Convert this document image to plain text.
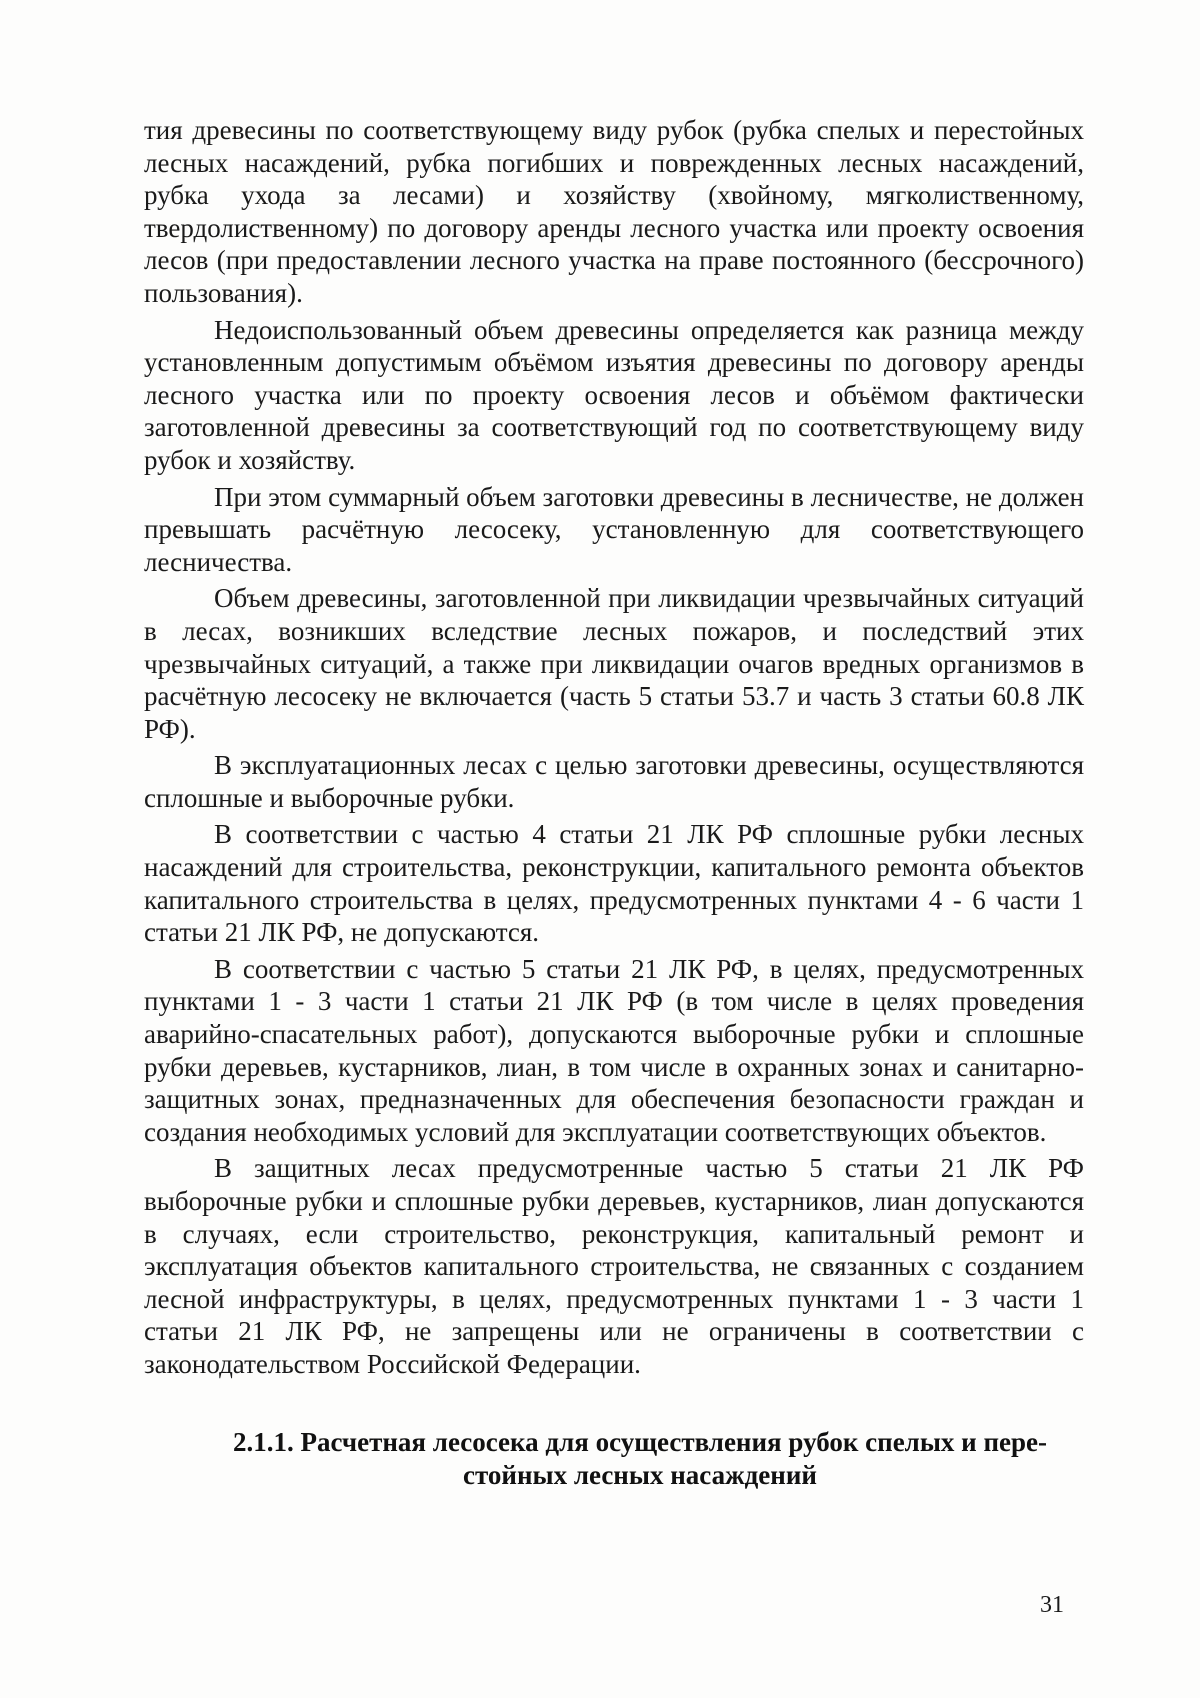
тия древесины по соответствующему виду рубок (рубка спелых и перестойных лесных насаждений, рубка погибших и поврежденных лесных насаждений, рубка ухода за лесами) и хозяйству (хвойному, мягколиственному, твердолиственному) по договору аренды лесного участка или проекту освоения лесов (при предоставлении лесного участка на праве постоянного (бессрочного) пользования).

Недоиспользованный объем древесины определяется как разница между установленным допустимым объёмом изъятия древесины по договору аренды лесного участка или по проекту освоения лесов и объёмом фактически заготовленной древесины за соответствующий год по соответствующему виду рубок и хозяйству.

При этом суммарный объем заготовки древесины в лесничестве, не должен превышать расчётную лесосеку, установленную для соответствующего лесничества.

Объем древесины, заготовленной при ликвидации чрезвычайных ситуаций в лесах, возникших вследствие лесных пожаров, и последствий этих чрезвычайных ситуаций, а также при ликвидации очагов вредных организмов в расчётную лесосеку не включается (часть 5 статьи 53.7 и часть 3 статьи 60.8 ЛК РФ).

В эксплуатационных лесах с целью заготовки древесины, осуществляются сплошные и выборочные рубки.

В соответствии с частью 4 статьи 21 ЛК РФ сплошные рубки лесных насаждений для строительства, реконструкции, капитального ремонта объектов капитального строительства в целях, предусмотренных пунктами 4 - 6 части 1 статьи 21 ЛК РФ, не допускаются.

В соответствии с частью 5 статьи 21 ЛК РФ, в целях, предусмотренных пунктами 1 - 3 части 1 статьи 21 ЛК РФ (в том числе в целях проведения аварийно-спасательных работ), допускаются выборочные рубки и сплошные рубки деревьев, кустарников, лиан, в том числе в охранных зонах и санитарно-защитных зонах, предназначенных для обеспечения безопасности граждан и создания необходимых условий для эксплуатации соответствующих объектов.

В защитных лесах предусмотренные частью 5 статьи 21 ЛК РФ выборочные рубки и сплошные рубки деревьев, кустарников, лиан допускаются в случаях, если строительство, реконструкция, капитальный ремонт и эксплуатация объектов капитального строительства, не связанных с созданием лесной инфраструктуры, в целях, предусмотренных пунктами 1 - 3 части 1 статьи 21 ЛК РФ, не запрещены или не ограничены в соответствии с законодательством Российской Федерации.

2.1.1. Расчетная лесосека для осуществления рубок спелых и пере-
стойных лесных насаждений
31
